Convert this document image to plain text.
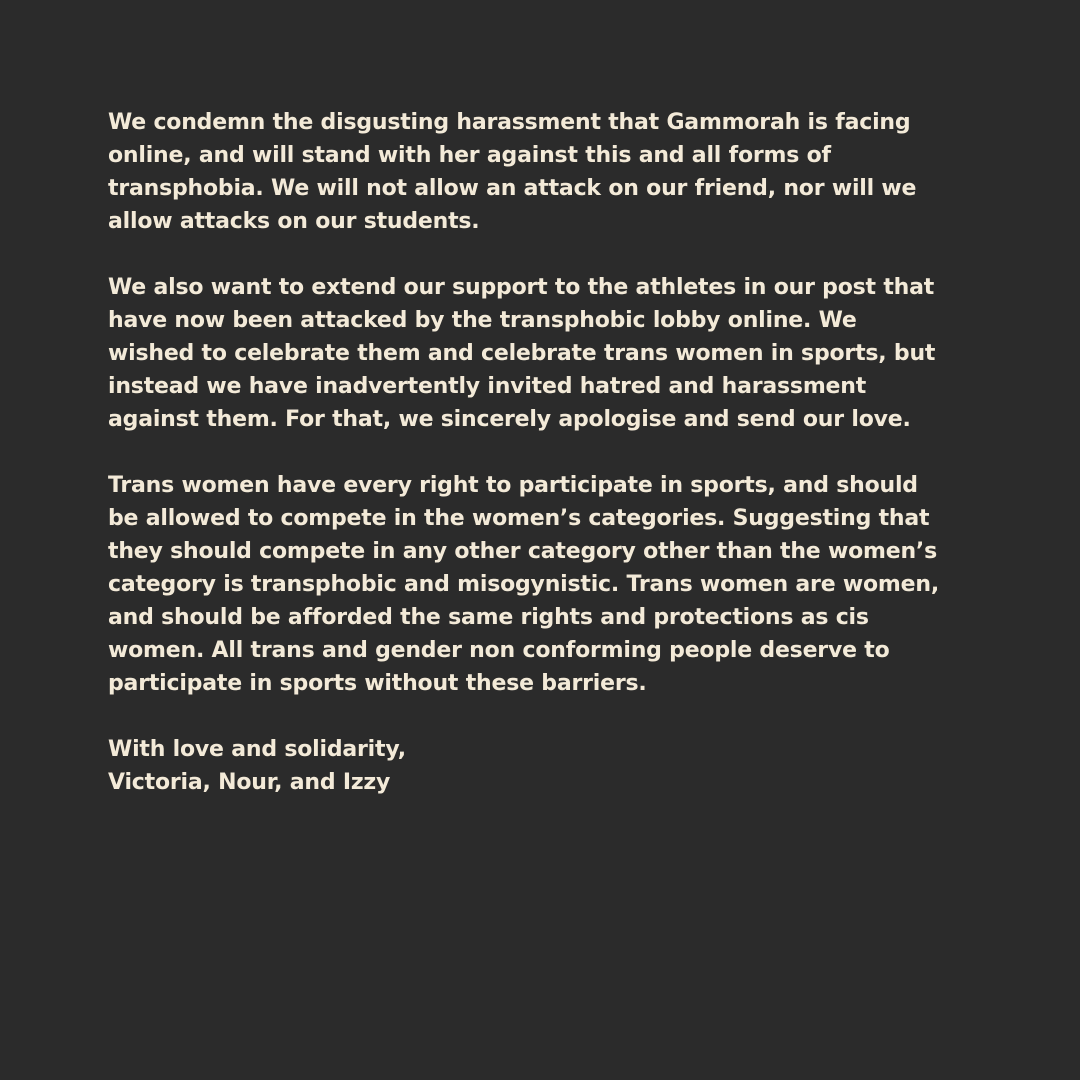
We condemn the disgusting harassment that Gammorah is facing
online, and will stand with her against this and all forms of
transphobia. We will not allow an attack on our friend, nor will we
allow attacks on our students.

We also want to extend our support to the athletes in our post that
have now been attacked by the transphobic lobby online. We
wished to celebrate them and celebrate trans women in sports, but
instead we have inadvertently invited hatred and harassment
against them. For that, we sincerely apologise and send our love.

Trans women have every right to participate in sports, and should
be allowed to compete in the women’s categories. Suggesting that
they should compete in any other category other than the women’s
category is transphobic and misogynistic. Trans women are women,
and should be afforded the same rights and protections as cis
women. All trans and gender non conforming people deserve to
participate in sports without these barriers.

With love and solidarity,
Victoria, Nour, and Izzy
